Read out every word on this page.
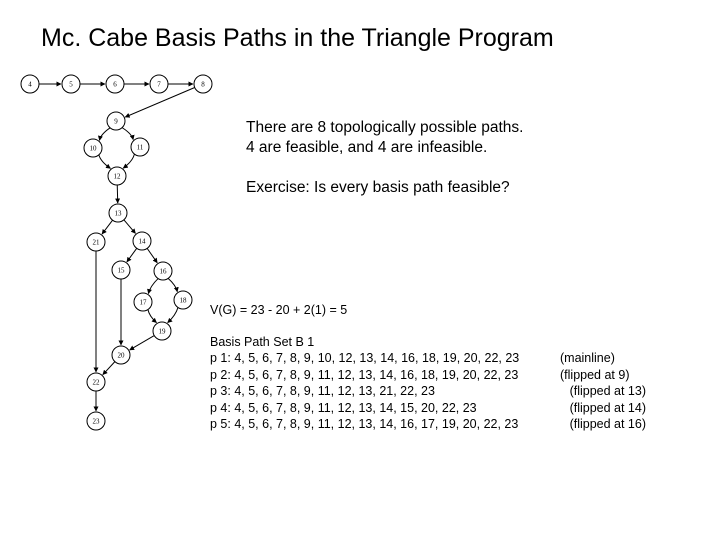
Mc. Cabe Basis Paths in the Triangle Program
4	5	6	7	8
9
10	11
12
13
14
15	16
17	18
19
20
21
22
23
There are 8 topologically possible paths.
4 are feasible, and 4 are infeasible.
Exercise: Is every basis path feasible?
V(G) = 23 - 20 + 2(1) = 5
Basis Path Set B 1
p 1: 4, 5, 6, 7, 8, 9, 10, 12, 13, 14, 16, 18, 19, 20, 22, 23	(mainline)
p 2: 4, 5, 6, 7, 8, 9, 11, 12, 13, 14, 16, 18, 19, 20, 22, 23	(flipped at 9)
p 3: 4, 5, 6, 7, 8, 9, 11, 12, 13, 21, 22, 23	(flipped at 13)
p 4: 4, 5, 6, 7, 8, 9, 11, 12, 13, 14, 15, 20, 22, 23	(flipped at 14)
p 5: 4, 5, 6, 7, 8, 9, 11, 12, 13, 14, 16, 17, 19, 20, 22, 23	(flipped at 16)
